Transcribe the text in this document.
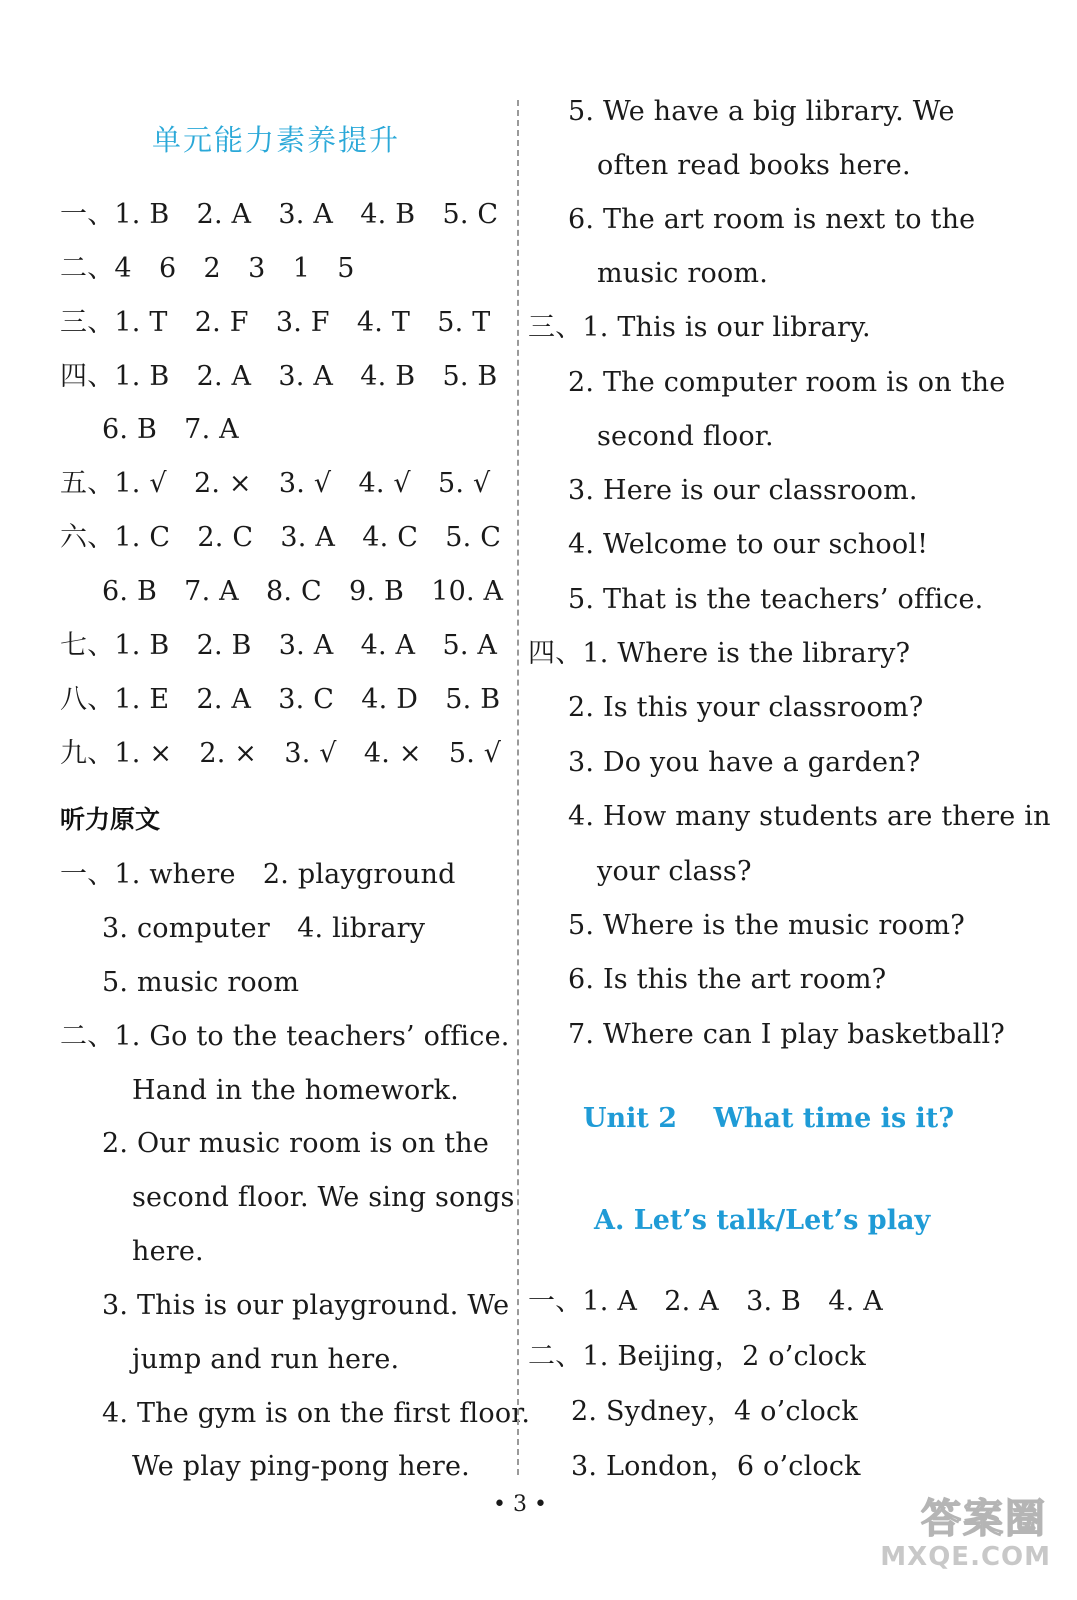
单元能力素养提升
一、1. B　2. A　3. A　4. B　5. C
二、4　6　2　3　1　5
三、1. T　2. F　3. F　4. T　5. T
四、1. B　2. A　3. A　4. B　5. B
6. B　7. A
五、1. √　2. ×　3. √　4. √　5. √
六、1. C　2. C　3. A　4. C　5. C
6. B　7. A　8. C　9. B　10. A
七、1. B　2. B　3. A　4. A　5. A
八、1. E　2. A　3. C　4. D　5. B
九、1. ×　2. ×　3. √　4. ×　5. √
听力原文
一、1. where　2. playground
3. computer　4. library
5. music room
二、1. Go to the teachers’ office.
Hand in the homework.
2. Our music room is on the
second floor. We sing songs
here.
3. This is our playground. We
jump and run here.
4. The gym is on the first floor.
We play ping-pong here.
5. We have a big library. We
often read books here.
6. The art room is next to the
music room.
三、1. This is our library.
2. The computer room is on the
second floor.
3. Here is our classroom.
4. Welcome to our school!
5. That is the teachers’ office.
四、1. Where is the library?
2. Is this your classroom?
3. Do you have a garden?
4. How many students are there in
your class?
5. Where is the music room?
6. Is this the art room?
7. Where can I play basketball?
Unit 2　 What time is it?
A. Let’s talk/Let’s play
一、1. A　2. A　3. B　4. A
二、1. Beijing，2 o’clock
2. Sydney，4 o’clock
3. London，6 o’clock
• 3 •	答案圈
MXQE.COM
